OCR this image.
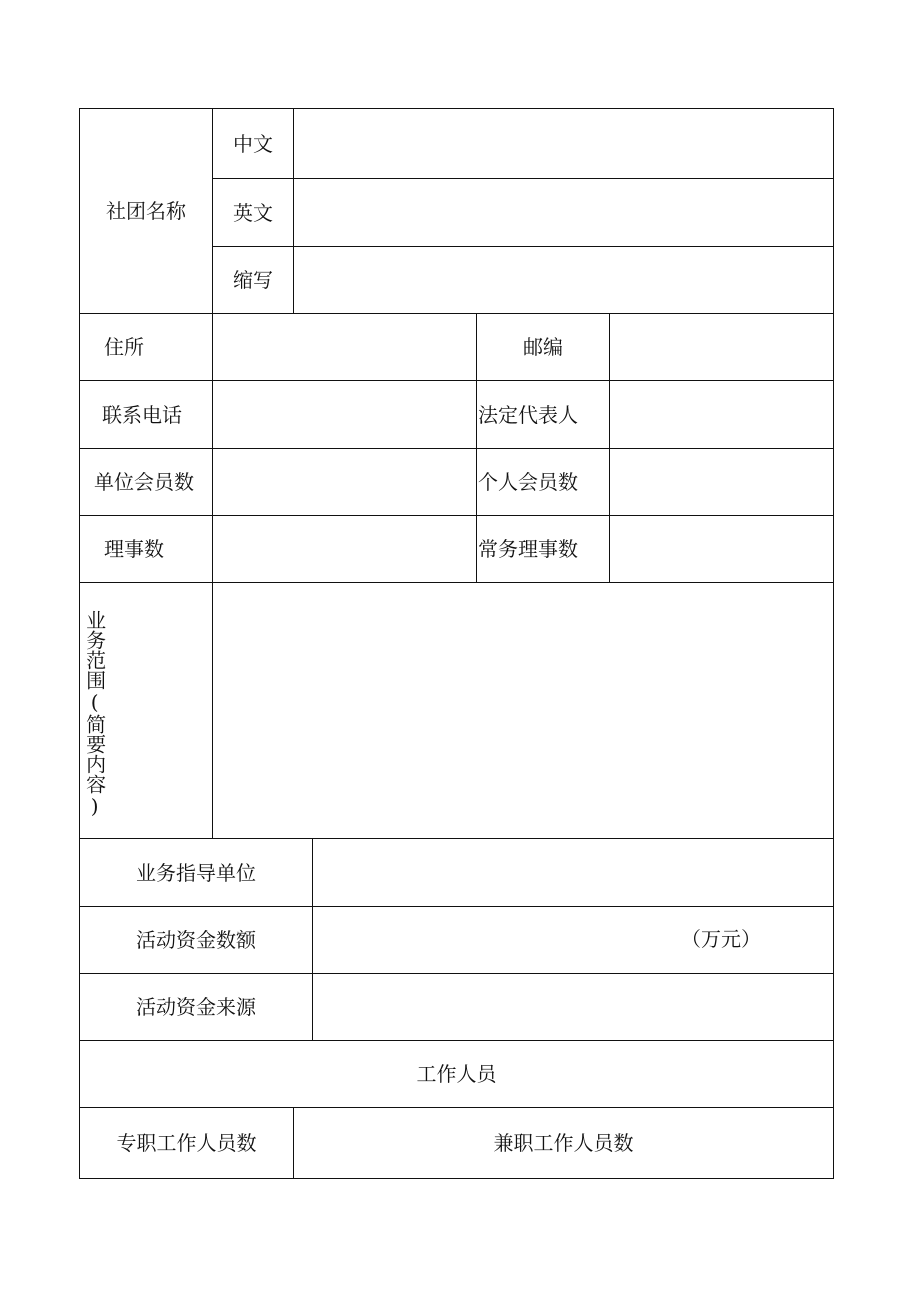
社团名称
中文
英文
缩写
住所	邮编
联系电话	法定代表人
单位会员数	个人会员数
理事数	常务理事数
业务范围(简要内容)
业务指导单位
活动资金数额	（万元）
活动资金来源
工作人员
专职工作人员数	兼职工作人员数
